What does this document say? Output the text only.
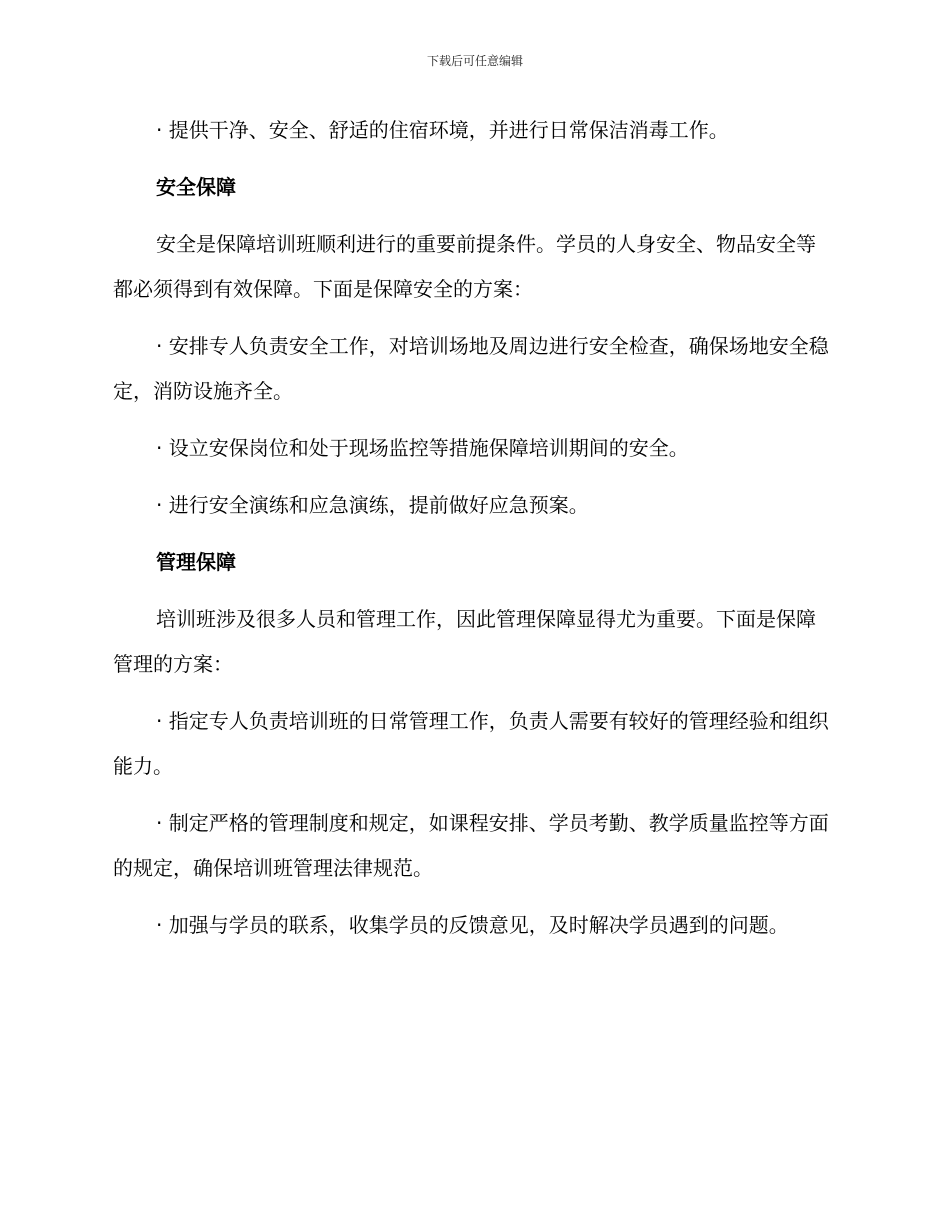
下载后可任意编辑

· 提供干净、安全、舒适的住宿环境，并进行日常保洁消毒工作。

安全保障

安全是保障培训班顺利进行的重要前提条件。学员的人身安全、物品安全等都必须得到有效保障。下面是保障安全的方案：

· 安排专人负责安全工作，对培训场地及周边进行安全检查，确保场地安全稳定，消防设施齐全。

· 设立安保岗位和处于现场监控等措施保障培训期间的安全。

· 进行安全演练和应急演练，提前做好应急预案。

管理保障

培训班涉及很多人员和管理工作，因此管理保障显得尤为重要。下面是保障管理的方案：

· 指定专人负责培训班的日常管理工作，负责人需要有较好的管理经验和组织能力。

· 制定严格的管理制度和规定，如课程安排、学员考勤、教学质量监控等方面的规定，确保培训班管理法律规范。

· 加强与学员的联系，收集学员的反馈意见，及时解决学员遇到的问题。
